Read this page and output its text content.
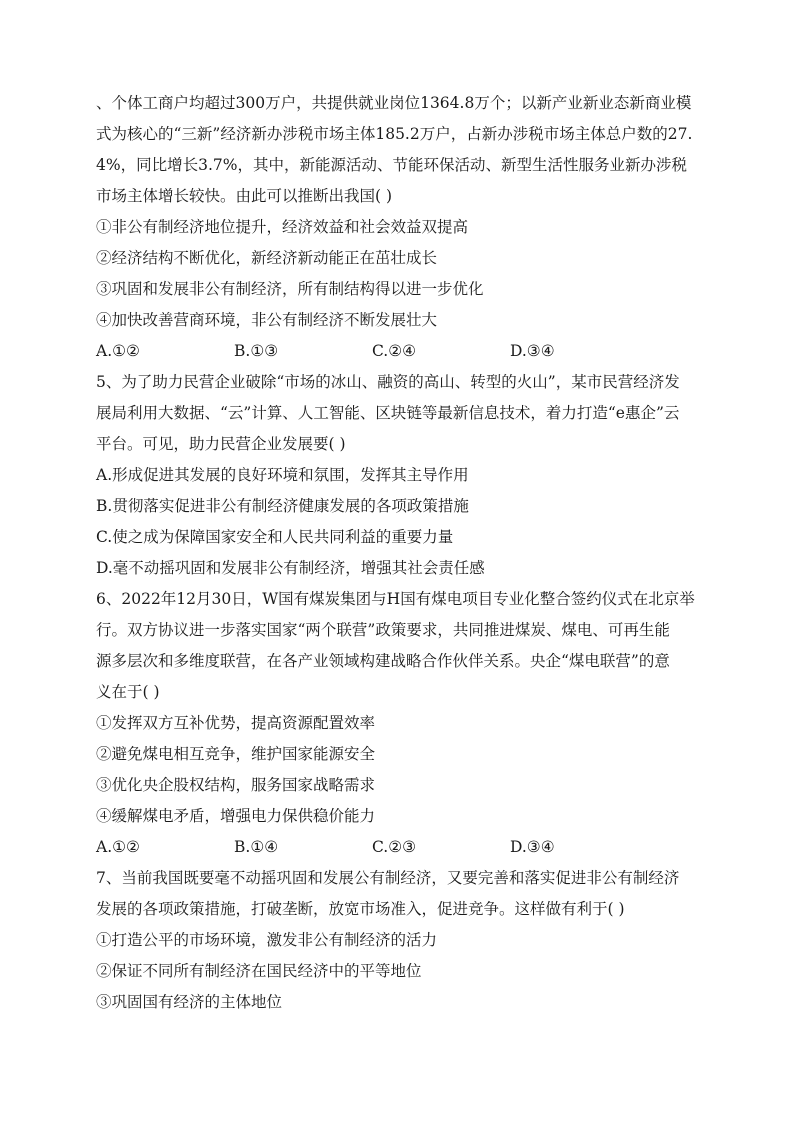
、个体工商户均超过300万户，共提供就业岗位1364.8万个；以新产业新业态新商业模

式为核心的“三新”经济新办涉税市场主体185.2万户，占新办涉税市场主体总户数的27.

4%，同比增长3.7%，其中，新能源活动、节能环保活动、新型生活性服务业新办涉税

市场主体增长较快。由此可以推断出我国( )

①非公有制经济地位提升，经济效益和社会效益双提高

②经济结构不断优化，新经济新动能正在茁壮成长

③巩固和发展非公有制经济，所有制结构得以进一步优化

④加快改善营商环境，非公有制经济不断发展壮大

A.①②	B.①③	C.②④	D.③④

5、为了助力民营企业破除“市场的冰山、融资的高山、转型的火山”，某市民营经济发

展局利用大数据、“云”计算、人工智能、区块链等最新信息技术，着力打造“e惠企”云

平台。可见，助力民营企业发展要( )

A.形成促进其发展的良好环境和氛围，发挥其主导作用

B.贯彻落实促进非公有制经济健康发展的各项政策措施

C.使之成为保障国家安全和人民共同利益的重要力量

D.毫不动摇巩固和发展非公有制经济，增强其社会责任感

6、2022年12月30日，W国有煤炭集团与H国有煤电项目专业化整合签约仪式在北京举

行。双方协议进一步落实国家“两个联营”政策要求，共同推进煤炭、煤电、可再生能

源多层次和多维度联营，在各产业领域构建战略合作伙伴关系。央企“煤电联营”的意

义在于( )

①发挥双方互补优势，提高资源配置效率

②避免煤电相互竞争，维护国家能源安全

③优化央企股权结构，服务国家战略需求

④缓解煤电矛盾，增强电力保供稳价能力

A.①②	B.①④	C.②③	D.③④

7、当前我国既要毫不动摇巩固和发展公有制经济，又要完善和落实促进非公有制经济

发展的各项政策措施，打破垄断，放宽市场准入，促进竞争。这样做有利于( )

①打造公平的市场环境，激发非公有制经济的活力

②保证不同所有制经济在国民经济中的平等地位

③巩固国有经济的主体地位
